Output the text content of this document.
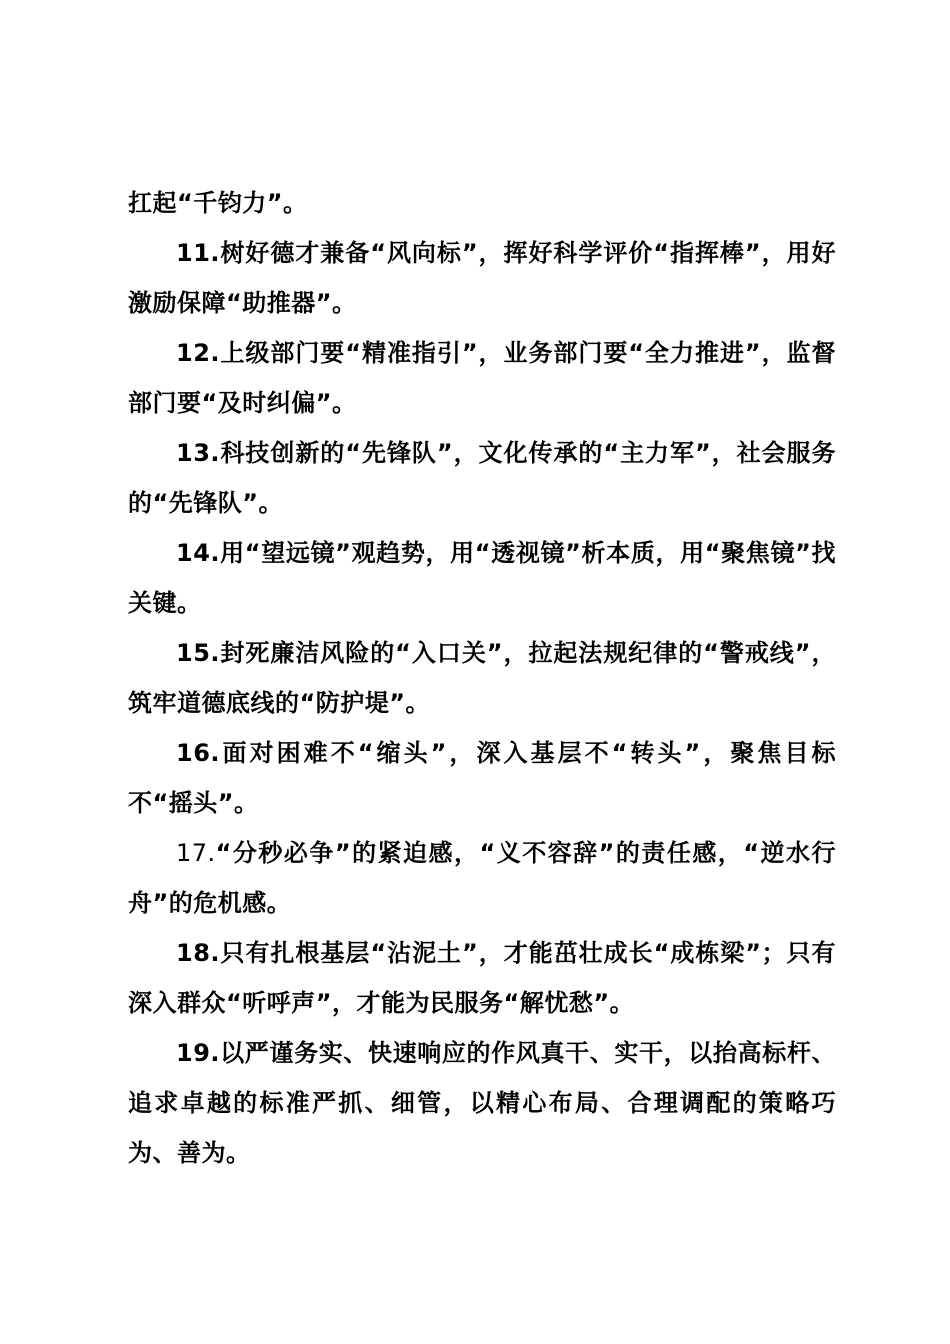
扛起“千钧力”。

11.树好德才兼备“风向标”，挥好科学评价“指挥棒”，用好激励保障“助推器”。

12.上级部门要“精准指引”，业务部门要“全力推进”，监督部门要“及时纠偏”。

13.科技创新的“先锋队”，文化传承的“主力军”，社会服务的“先锋队”。

14.用“望远镜”观趋势，用“透视镜”析本质，用“聚焦镜”找关键。

15.封死廉洁风险的“入口关”，拉起法规纪律的“警戒线”，筑牢道德底线的“防护堤”。

16.面对困难不“缩头”，深入基层不“转头”，聚焦目标不“摇头”。

17.“分秒必争”的紧迫感，“义不容辞”的责任感，“逆水行舟”的危机感。

18.只有扎根基层“沾泥土”，才能茁壮成长“成栋梁”；只有深入群众“听呼声”，才能为民服务“解忧愁”。

19.以严谨务实、快速响应的作风真干、实干，以抬高标杆、追求卓越的标准严抓、细管，以精心布局、合理调配的策略巧为、善为。
